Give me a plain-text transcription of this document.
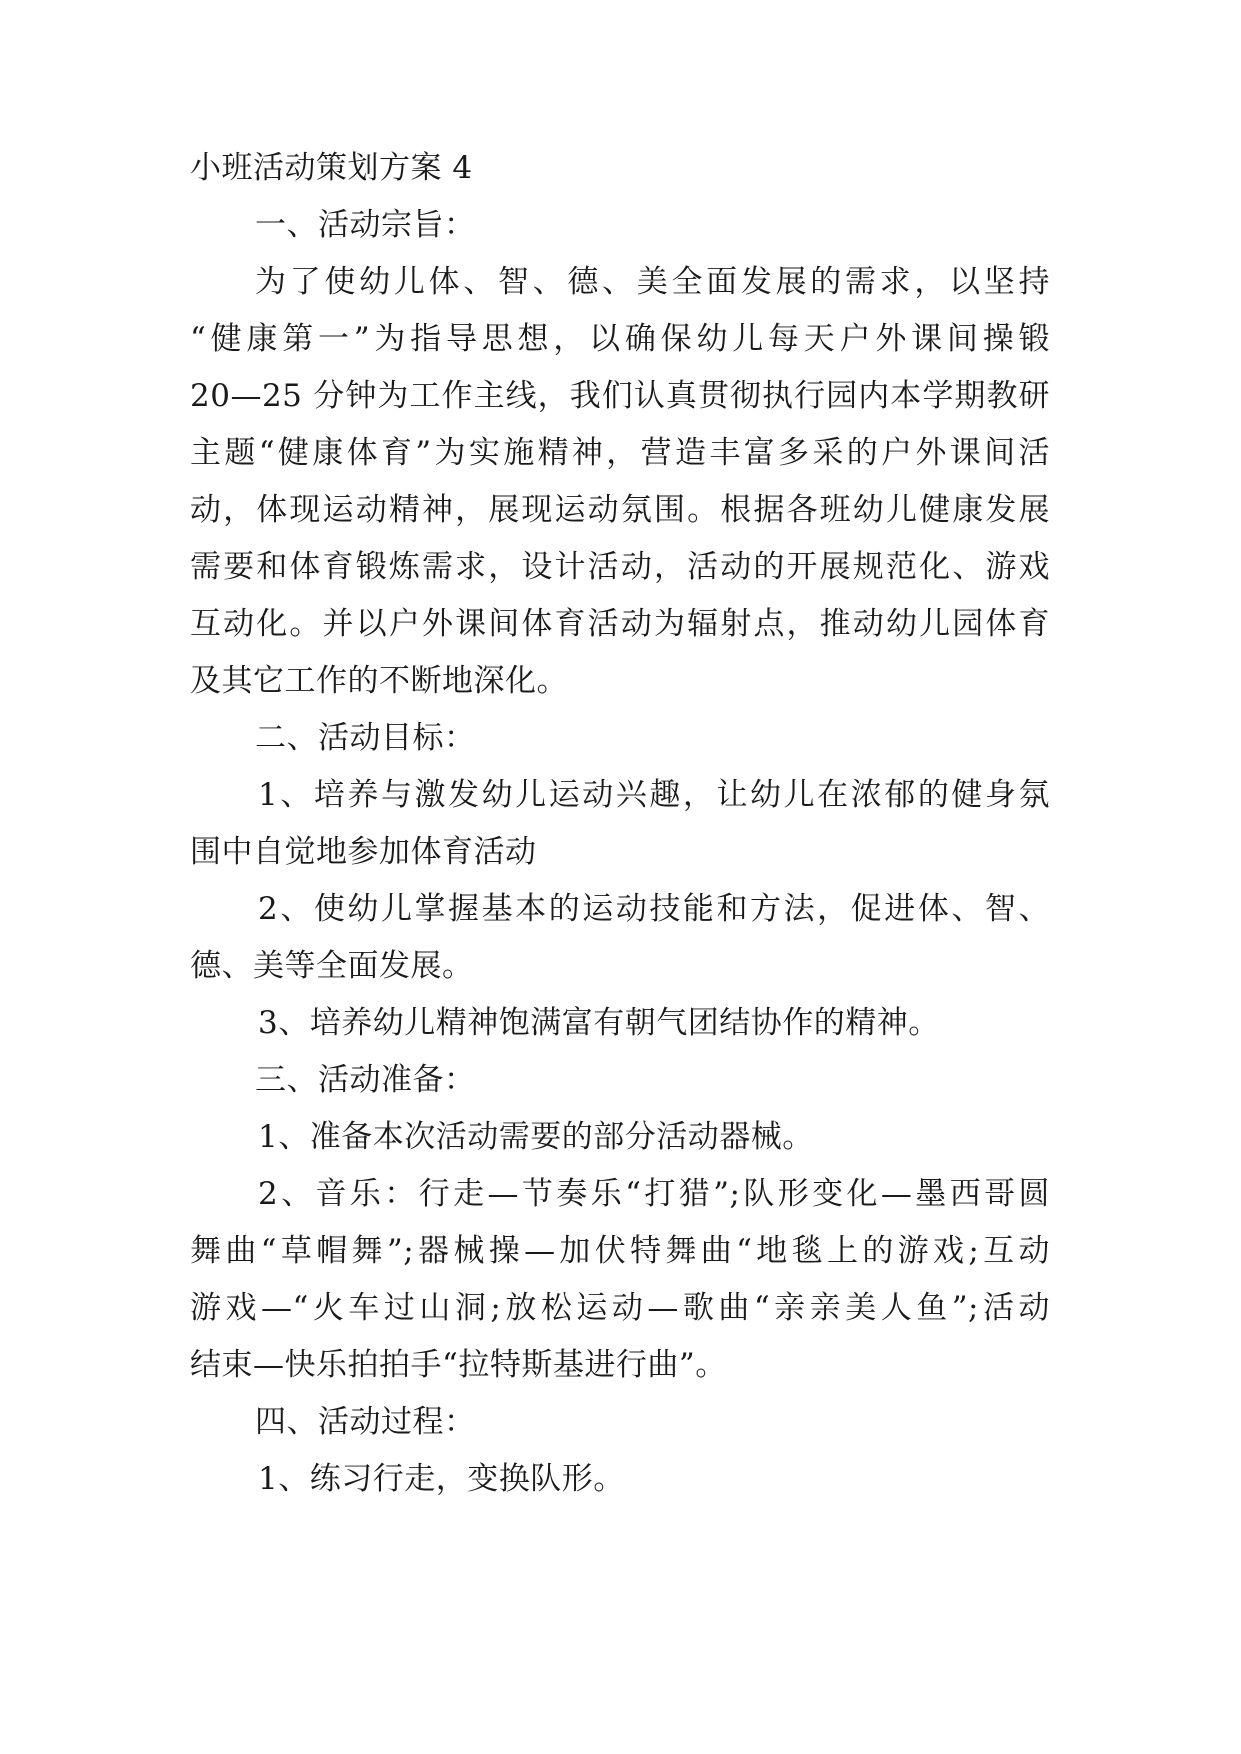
小班活动策划方案 4

一、活动宗旨：

为了使幼儿体、智、德、美全面发展的需求，以坚持

“健康第一”为指导思想，以确保幼儿每天户外课间操锻

20—25 分钟为工作主线，我们认真贯彻执行园内本学期教研

主题“健康体育”为实施精神，营造丰富多采的户外课间活

动，体现运动精神，展现运动氛围。根据各班幼儿健康发展

需要和体育锻炼需求，设计活动，活动的开展规范化、游戏

互动化。并以户外课间体育活动为辐射点，推动幼儿园体育

及其它工作的不断地深化。

二、活动目标：

1、培养与激发幼儿运动兴趣，让幼儿在浓郁的健身氛

围中自觉地参加体育活动

2、使幼儿掌握基本的运动技能和方法，促进体、智、

德、美等全面发展。

3、培养幼儿精神饱满富有朝气团结协作的精神。

三、活动准备：

1、准备本次活动需要的部分活动器械。

2、音乐：行走—节奏乐“打猎”;队形变化—墨西哥圆

舞曲“草帽舞”;器械操—加伏特舞曲“地毯上的游戏;互动

游戏—“火车过山洞;放松运动—歌曲“亲亲美人鱼”;活动

结束—快乐拍拍手“拉特斯基进行曲”。

四、活动过程：

1、练习行走，变换队形。
